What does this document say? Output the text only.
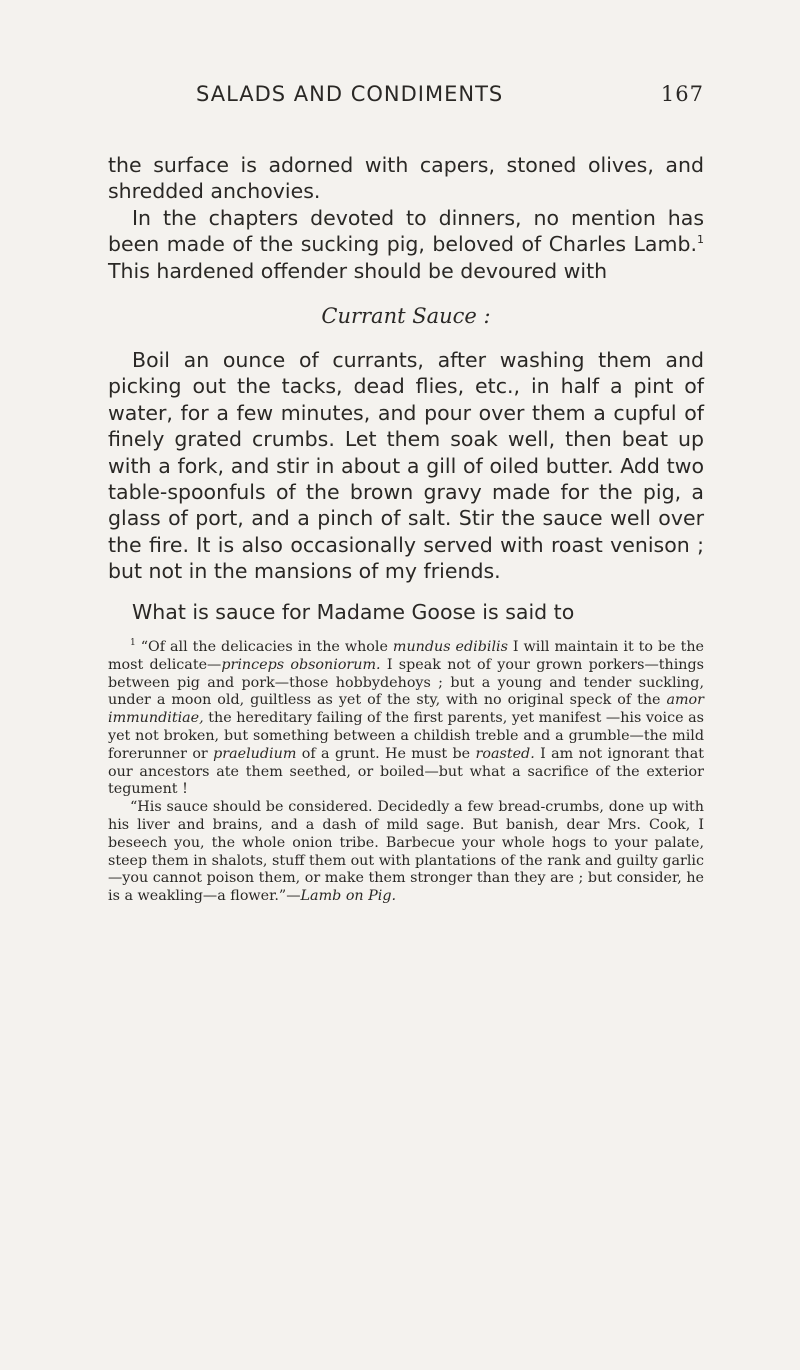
SALADS AND CONDIMENTS	167

the surface is adorned with capers, stoned olives, and shredded anchovies.

In the chapters devoted to dinners, no mention has been made of the sucking pig, beloved of Charles Lamb.$^1$ This hardened offender should be devoured with

Currant Sauce :

Boil an ounce of currants, after washing them and picking out the tacks, dead flies, etc., in half a pint of water, for a few minutes, and pour over them a cupful of finely grated crumbs. Let them soak well, then beat up with a fork, and stir in about a gill of oiled butter. Add two table-spoonfuls of the brown gravy made for the pig, a glass of port, and a pinch of salt. Stir the sauce well over the fire. It is also occasionally served with roast venison ; but not in the mansions of my friends.

What is sauce for Madame Goose is said to

$^1$ “Of all the delicacies in the whole mundus edibilis I will maintain it to be the most delicate—princeps obsoniorum. I speak not of your grown porkers—things between pig and pork—those hobbydehoys ; but a young and tender suckling, under a moon old, guiltless as yet of the sty, with no original speck of the amor immunditiae, the hereditary failing of the first parents, yet manifest —his voice as yet not broken, but something between a childish treble and a grumble—the mild forerunner or praeludium of a grunt. He must be roasted. I am not ignorant that our ancestors ate them seethed, or boiled—but what a sacrifice of the exterior tegument !

“His sauce should be considered. Decidedly a few bread-crumbs, done up with his liver and brains, and a dash of mild sage. But banish, dear Mrs. Cook, I beseech you, the whole onion tribe. Barbecue your whole hogs to your palate, steep them in shalots, stuff them out with plantations of the rank and guilty garlic—you cannot poison them, or make them stronger than they are ; but consider, he is a weakling—a flower.”—Lamb on Pig.
